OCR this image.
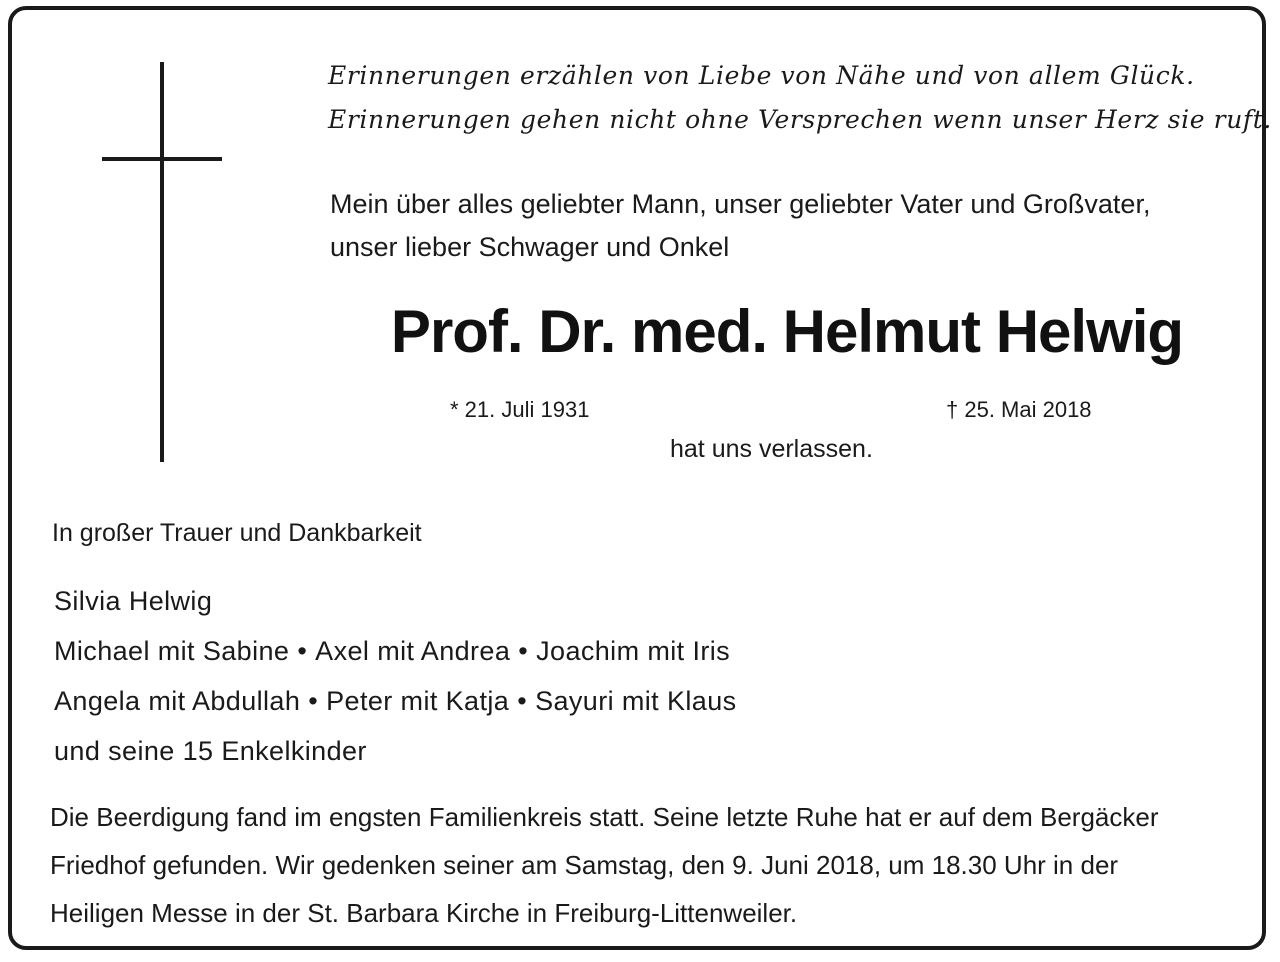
Erinnerungen erzählen von Liebe von Nähe und von allem Glück.
Erinnerungen gehen nicht ohne Versprechen wenn unser Herz sie ruft.
Mein über alles geliebter Mann, unser geliebter Vater und Großvater,
unser lieber Schwager und Onkel
Prof. Dr. med. Helmut Helwig
* 21. Juli 1931	† 25. Mai 2018
hat uns verlassen.
In großer Trauer und Dankbarkeit
Silvia Helwig
Michael mit Sabine • Axel mit Andrea • Joachim mit Iris
Angela mit Abdullah • Peter mit Katja • Sayuri mit Klaus
und seine 15 Enkelkinder
Die Beerdigung fand im engsten Familienkreis statt. Seine letzte Ruhe hat er auf dem Bergäcker
Friedhof gefunden. Wir gedenken seiner am Samstag, den 9. Juni 2018, um 18.30 Uhr in der
Heiligen Messe in der St. Barbara Kirche in Freiburg-Littenweiler.
